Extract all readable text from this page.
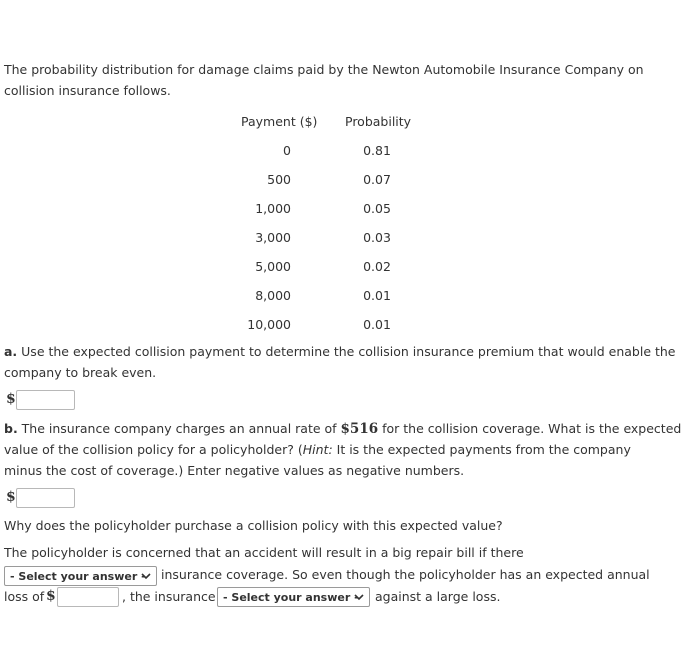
The probability distribution for damage claims paid by the Newton Automobile Insurance Company on
collision insurance follows.
Payment ($) Probability
0	0.81
500	0.07
1,000	0.05
3,000	0.03
5,000	0.02
8,000	0.01
10,000	0.01
a. Use the expected collision payment to determine the collision insurance premium that would enable the
company to break even.
$
b. The insurance company charges an annual rate of $516 for the collision coverage. What is the expected
value of the collision policy for a policyholder? (Hint: It is the expected payments from the company
minus the cost of coverage.) Enter negative values as negative numbers.
$
Why does the policyholder purchase a collision policy with this expected value?
The policyholder is concerned that an accident will result in a big repair bill if there
- Select your answer - insurance coverage. So even though the policyholder has an expected annual
loss of $	, the insurance - Select your answer - against a large loss.
